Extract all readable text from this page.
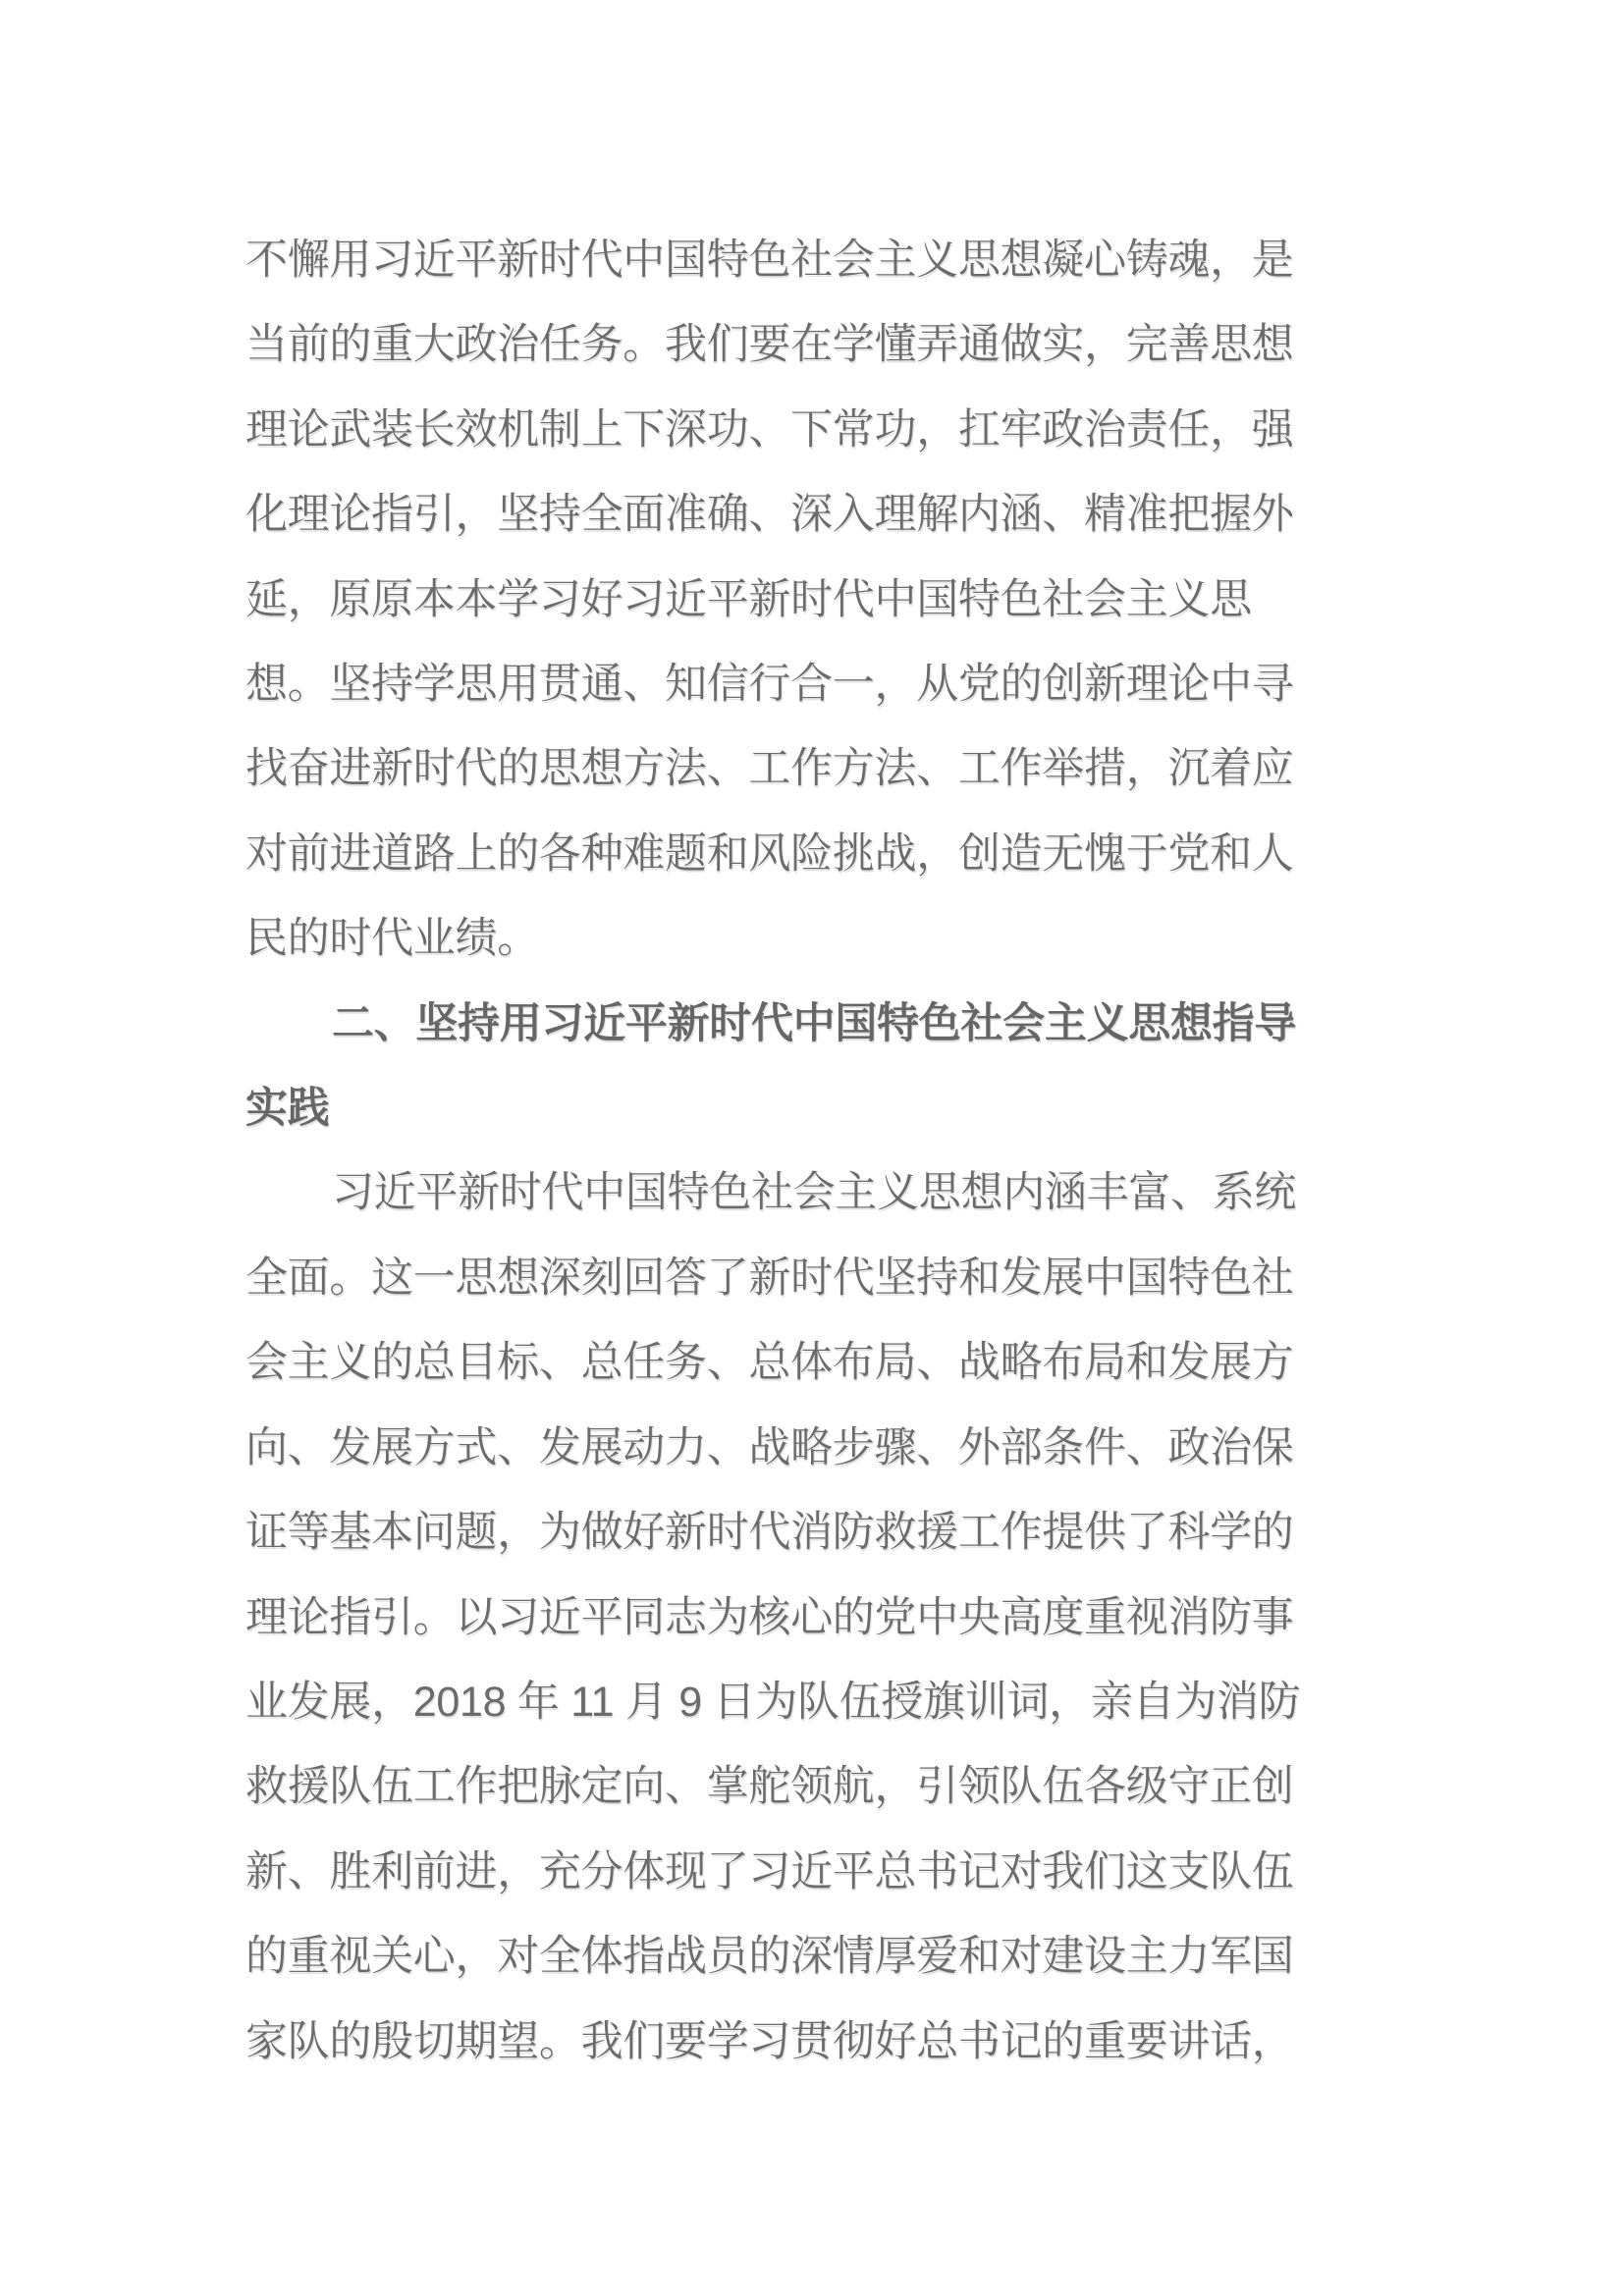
不懈用习近平新时代中国特色社会主义思想凝心铸魂，是
当前的重大政治任务。我们要在学懂弄通做实，完善思想
理论武装长效机制上下深功、下常功，扛牢政治责任，强
化理论指引，坚持全面准确、深入理解内涵、精准把握外
延，原原本本学习好习近平新时代中国特色社会主义思
想。坚持学思用贯通、知信行合一，从党的创新理论中寻
找奋进新时代的思想方法、工作方法、工作举措，沉着应
对前进道路上的各种难题和风险挑战，创造无愧于党和人
民的时代业绩。
二、坚持用习近平新时代中国特色社会主义思想指导
实践
习近平新时代中国特色社会主义思想内涵丰富、系统
全面。这一思想深刻回答了新时代坚持和发展中国特色社
会主义的总目标、总任务、总体布局、战略布局和发展方
向、发展方式、发展动力、战略步骤、外部条件、政治保
证等基本问题，为做好新时代消防救援工作提供了科学的
理论指引。以习近平同志为核心的党中央高度重视消防事
业发展，2018 年 11 月 9 日为队伍授旗训词，亲自为消防
救援队伍工作把脉定向、掌舵领航，引领队伍各级守正创
新、胜利前进，充分体现了习近平总书记对我们这支队伍
的重视关心，对全体指战员的深情厚爱和对建设主力军国
家队的殷切期望。我们要学习贯彻好总书记的重要讲话，
